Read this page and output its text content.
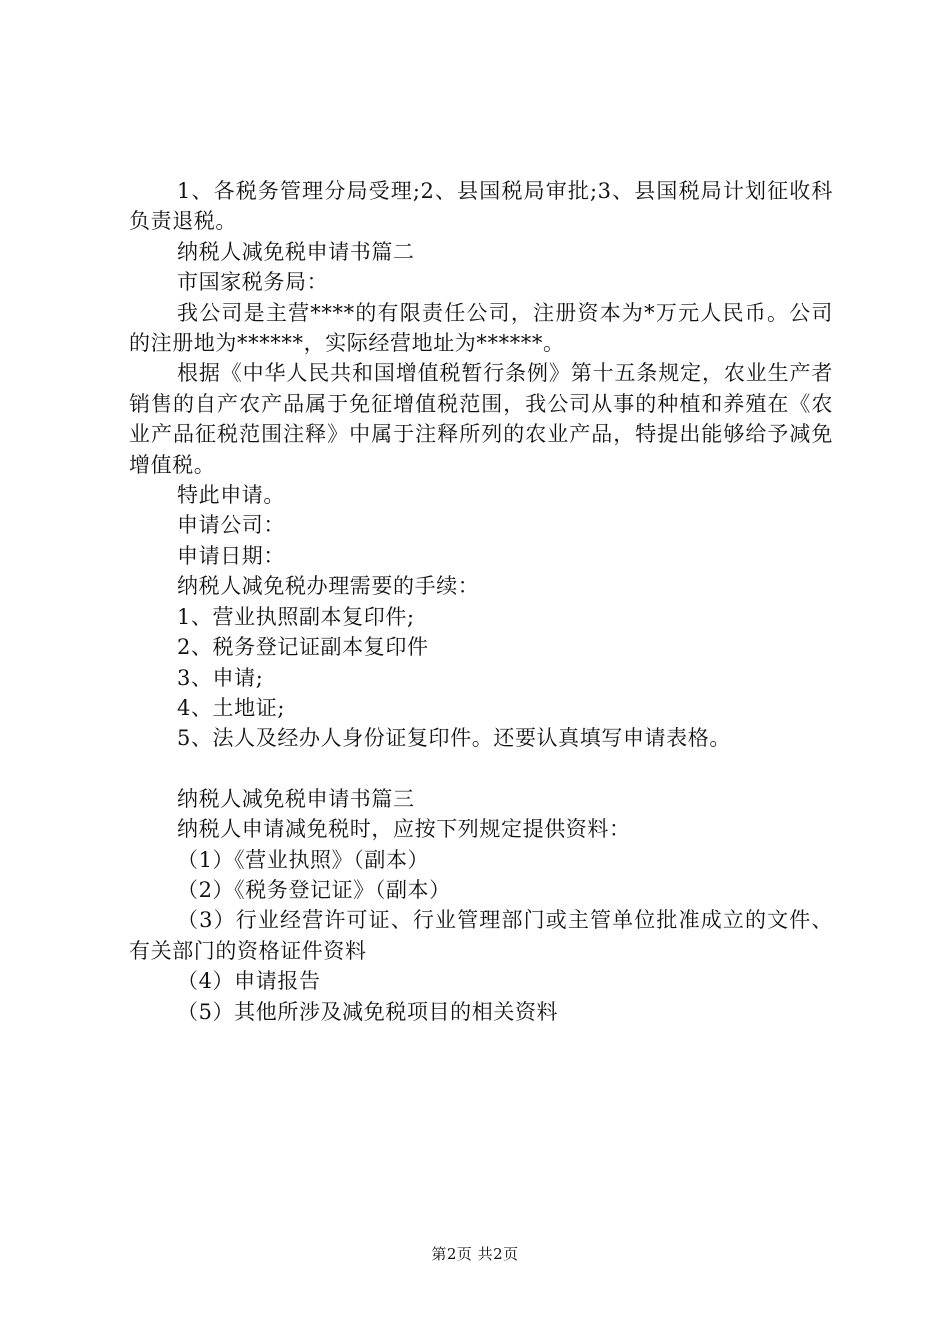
1、各税务管理分局受理;2、县国税局审批;3、县国税局计划征收科负责退税。

纳税人减免税申请书篇二

市国家税务局：

我公司是主营****的有限责任公司，注册资本为*万元人民币。公司的注册地为******，实际经营地址为******。

根据《中华人民共和国增值税暂行条例》第十五条规定，农业生产者销售的自产农产品属于免征增值税范围，我公司从事的种植和养殖在《农业产品征税范围注释》中属于注释所列的农业产品，特提出能够给予减免增值税。

特此申请。

申请公司：

申请日期：

纳税人减免税办理需要的手续：

1、营业执照副本复印件;

2、税务登记证副本复印件

3、申请;

4、土地证;

5、法人及经办人身份证复印件。还要认真填写申请表格。

纳税人减免税申请书篇三

纳税人申请减免税时，应按下列规定提供资料：

（1）《营业执照》（副本）

（2）《税务登记证》（副本）

（3）行业经营许可证、行业管理部门或主管单位批准成立的文件、有关部门的资格证件资料

（4）申请报告

（5）其他所涉及减免税项目的相关资料

第2页 共2页
